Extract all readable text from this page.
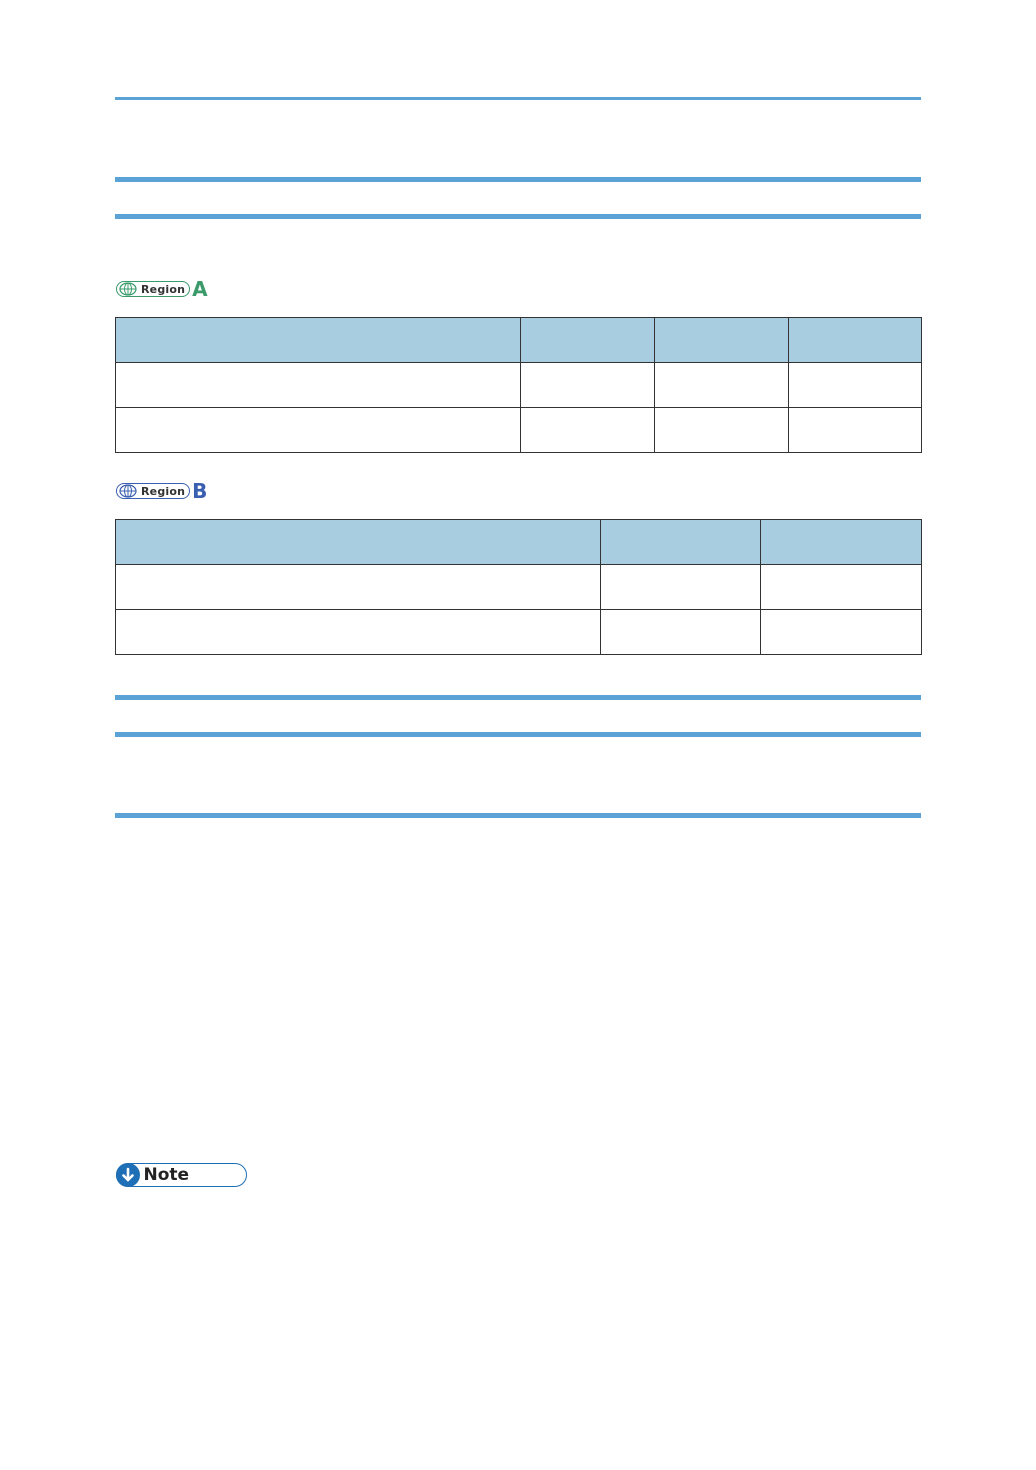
Region A

Region B

Note
